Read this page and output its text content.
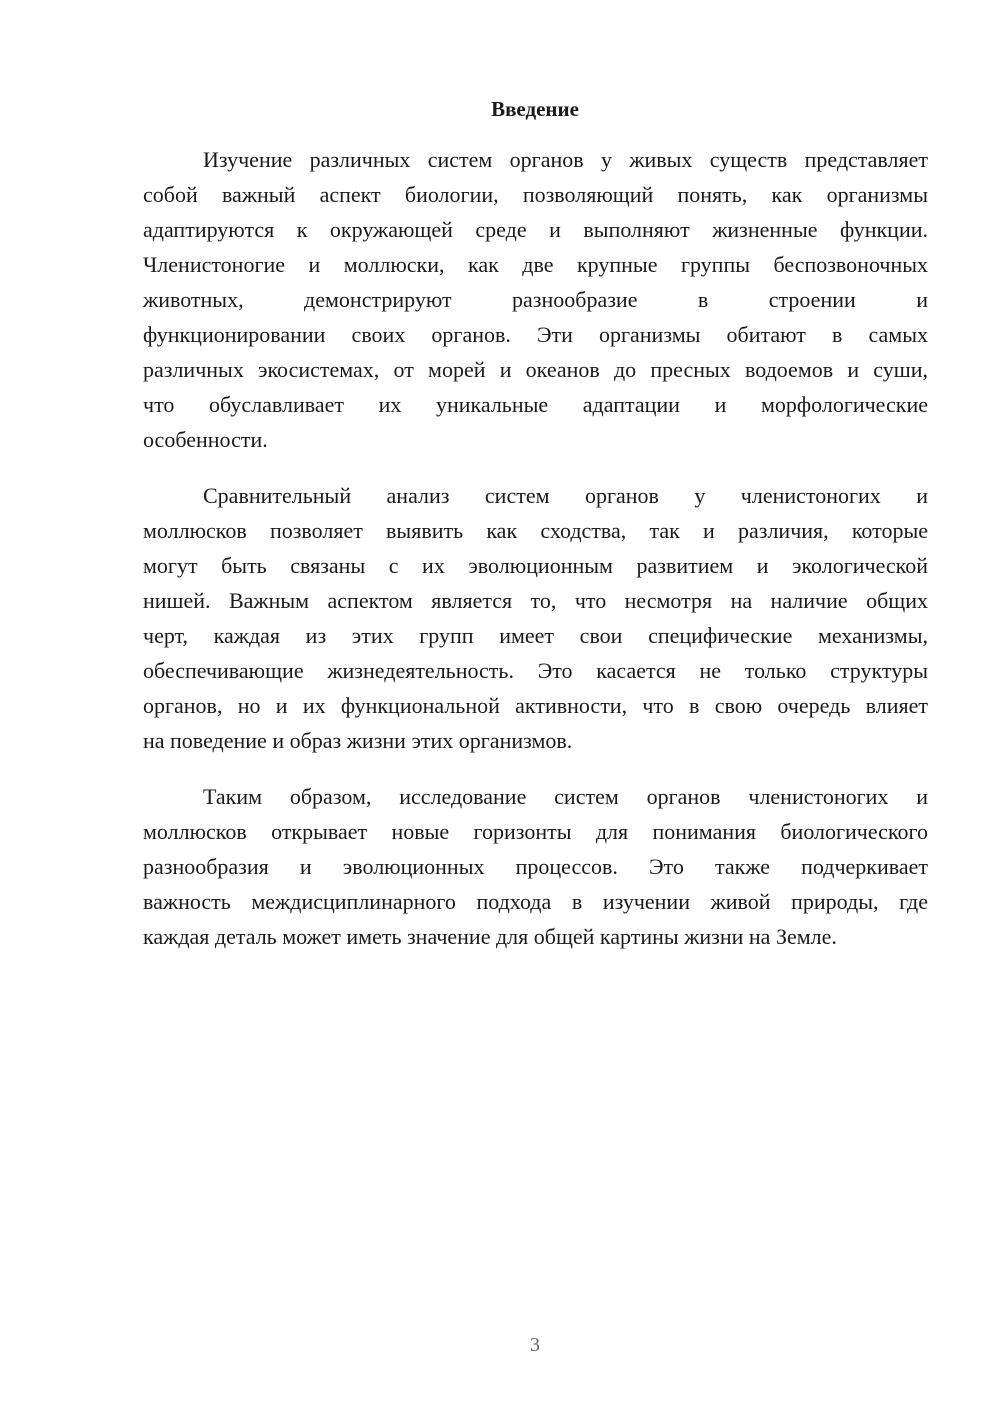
Введение
Изучение различных систем органов у живых существ представляет
собой важный аспект биологии, позволяющий понять, как организмы
адаптируются к окружающей среде и выполняют жизненные функции.
Членистоногие и моллюски, как две крупные группы беспозвоночных
животных, демонстрируют разнообразие в строении и
функционировании своих органов. Эти организмы обитают в самых
различных экосистемах, от морей и океанов до пресных водоемов и суши,
что обуславливает их уникальные адаптации и морфологические
особенности.
Сравнительный анализ систем органов у членистоногих и
моллюсков позволяет выявить как сходства, так и различия, которые
могут быть связаны с их эволюционным развитием и экологической
нишей. Важным аспектом является то, что несмотря на наличие общих
черт, каждая из этих групп имеет свои специфические механизмы,
обеспечивающие жизнедеятельность. Это касается не только структуры
органов, но и их функциональной активности, что в свою очередь влияет
на поведение и образ жизни этих организмов.
Таким образом, исследование систем органов членистоногих и
моллюсков открывает новые горизонты для понимания биологического
разнообразия и эволюционных процессов. Это также подчеркивает
важность междисциплинарного подхода в изучении живой природы, где
каждая деталь может иметь значение для общей картины жизни на Земле.
3
